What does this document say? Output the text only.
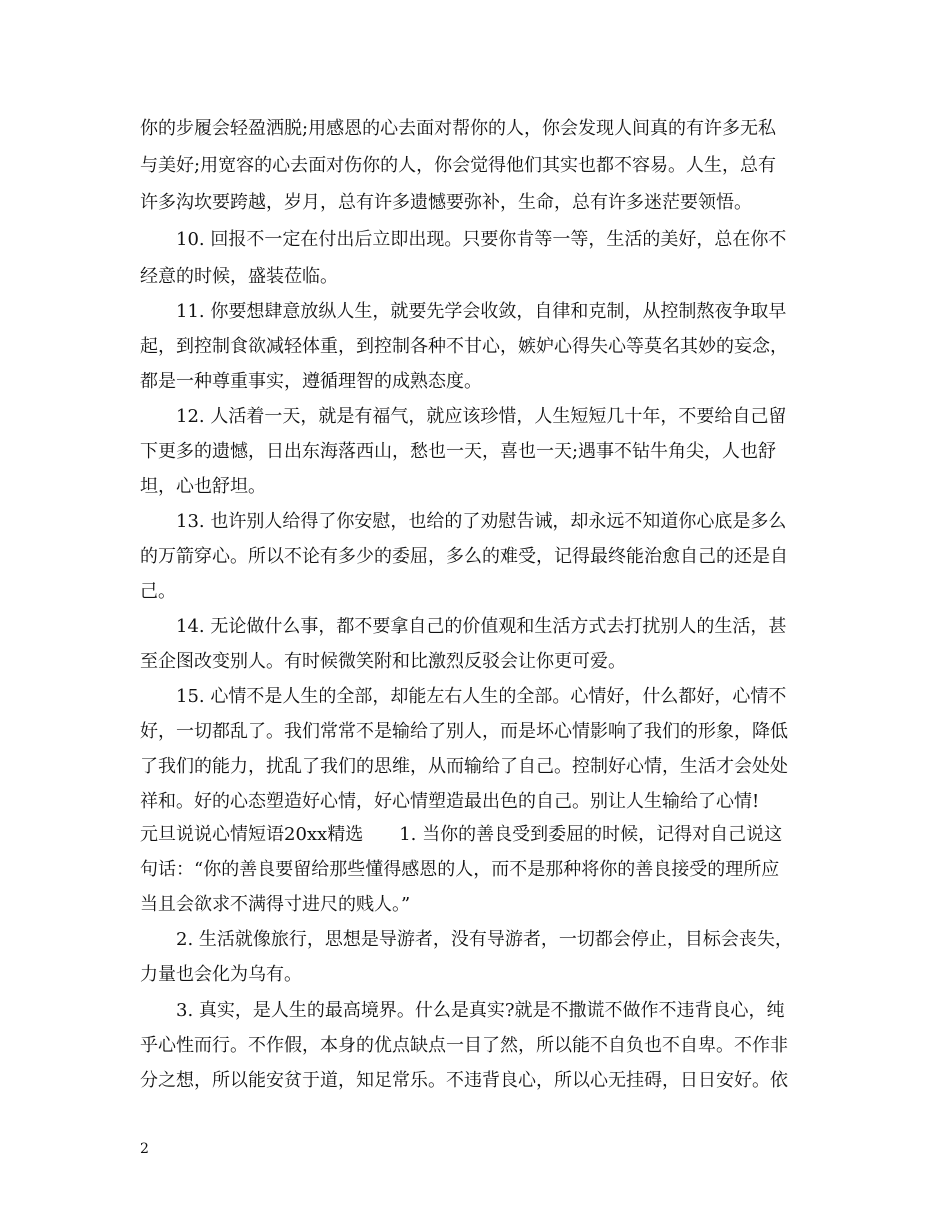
你的步履会轻盈洒脱;用感恩的心去面对帮你的人，你会发现人间真的有许多无私
与美好;用宽容的心去面对伤你的人，你会觉得他们其实也都不容易。人生，总有
许多沟坎要跨越，岁月，总有许多遗憾要弥补，生命，总有许多迷茫要领悟。
10. 回报不一定在付出后立即出现。只要你肯等一等，生活的美好，总在你不
经意的时候，盛装莅临。
11. 你要想肆意放纵人生，就要先学会收敛，自律和克制，从控制熬夜争取早
起，到控制食欲减轻体重，到控制各种不甘心，嫉妒心得失心等莫名其妙的妄念，
都是一种尊重事实，遵循理智的成熟态度。
12. 人活着一天，就是有福气，就应该珍惜，人生短短几十年，不要给自己留
下更多的遗憾，日出东海落西山，愁也一天，喜也一天;遇事不钻牛角尖，人也舒
坦，心也舒坦。
13. 也许别人给得了你安慰，也给的了劝慰告诫，却永远不知道你心底是多么
的万箭穿心。所以不论有多少的委屈，多么的难受，记得最终能治愈自己的还是自
己。
14. 无论做什么事，都不要拿自己的价值观和生活方式去打扰别人的生活，甚
至企图改变别人。有时候微笑附和比激烈反驳会让你更可爱。
15. 心情不是人生的全部，却能左右人生的全部。心情好，什么都好，心情不
好，一切都乱了。我们常常不是输给了别人，而是坏心情影响了我们的形象，降低
了我们的能力，扰乱了我们的思维，从而输给了自己。控制好心情，生活才会处处
祥和。好的心态塑造好心情，好心情塑造最出色的自己。别让人生输给了心情!
元旦说说心情短语20xx精选　　1. 当你的善良受到委屈的时候，记得对自己说这
句话：“你的善良要留给那些懂得感恩的人，而不是那种将你的善良接受的理所应
当且会欲求不满得寸进尺的贱人。”
2. 生活就像旅行，思想是导游者，没有导游者，一切都会停止，目标会丧失，
力量也会化为乌有。
3. 真实，是人生的最高境界。什么是真实?就是不撒谎不做作不违背良心，纯
乎心性而行。不作假，本身的优点缺点一目了然，所以能不自负也不自卑。不作非
分之想，所以能安贫于道，知足常乐。不违背良心，所以心无挂碍，日日安好。依
2
